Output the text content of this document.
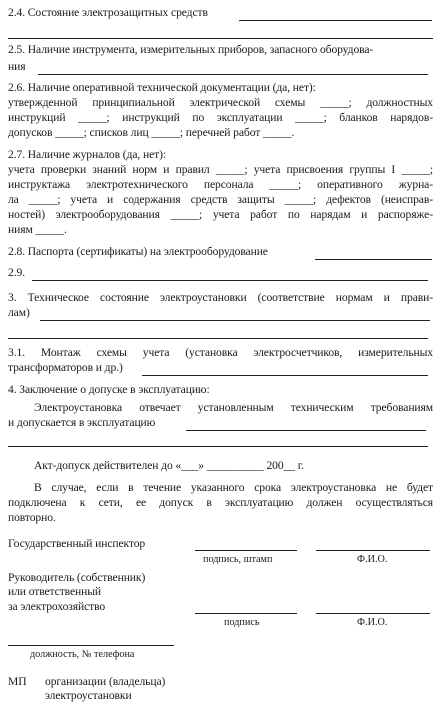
2.4. Состояние электрозащитных средств
2.5. Наличие инструмента, измерительных приборов, запасного оборудова-
ния
2.6. Наличие оперативной технической документации (да, нет):
утвержденной принципиальной электрической схемы _____; должностных
инструкций _____; инструкций по эксплуатации _____; бланков нарядов-
допусков _____; списков лиц _____; перечней работ _____.
2.7. Наличие журналов (да, нет):
учета проверки знаний норм и правил _____; учета присвоения группы I _____;
инструктажа электротехнического персонала _____; оперативного журна-
ла _____; учета и содержания средств защиты _____; дефектов (неисправ-
ностей) электрооборудования _____; учета работ по нарядам и распоряже-
ниям _____.
2.8. Паспорта (сертификаты) на электрооборудование
2.9.
3. Техническое состояние электроустановки (соответствие нормам и прави-
лам)
3.1. Монтаж схемы учета (установка электросчетчиков, измерительных
трансформаторов и др.)
4. Заключение о допуске в эксплуатацию:
Электроустановка отвечает установленным техническим требованиям
и допускается в эксплуатацию
Акт-допуск действителен до «___» __________ 200__ г.
В случае, если в течение указанного срока электроустановка не будет
подключена к сети, ее допуск в эксплуатацию должен осуществляться
повторно.
Государственный инспектор
подпись, штамп	Ф.И.О.
Руководитель (собственник)
или ответственный
за электрохозяйство
подпись	Ф.И.О.
должность, № телефона
МП	организации (владельца)
электроустановки
